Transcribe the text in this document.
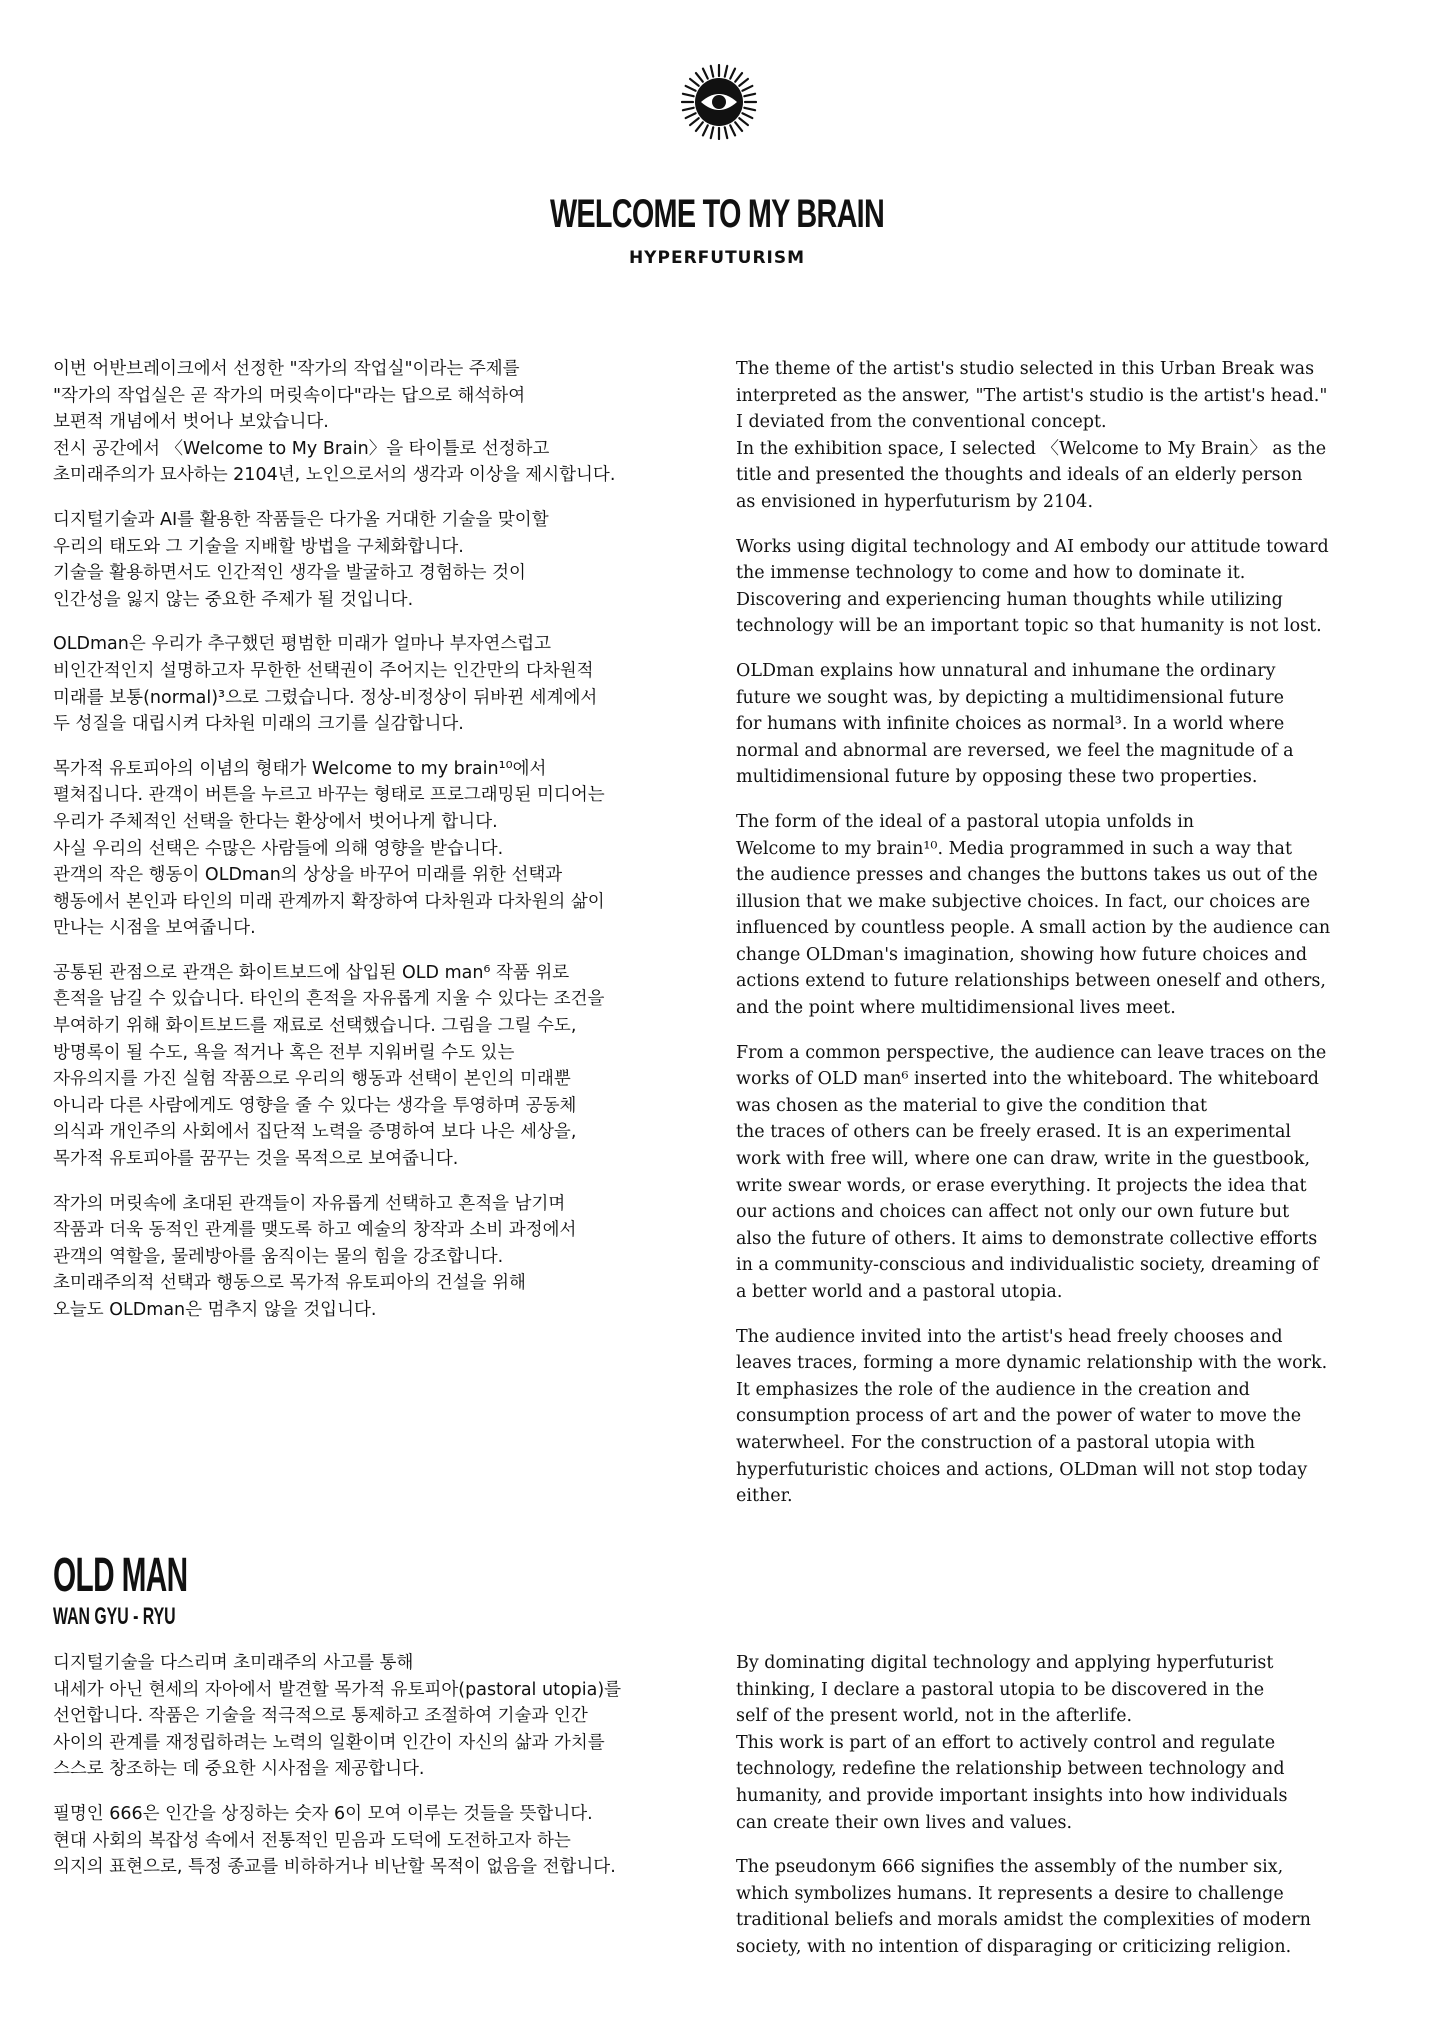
WELCOME TO MY BRAIN
HYPERFUTURISM

이번 어반브레이크에서 선정한 "작가의 작업실"이라는 주제를
"작가의 작업실은 곧 작가의 머릿속이다"라는 답으로 해석하여
보편적 개념에서 벗어나 보았습니다.
전시 공간에서 〈Welcome to My Brain〉을 타이틀로 선정하고
초미래주의가 묘사하는 2104년, 노인으로서의 생각과 이상을 제시합니다.

디지털기술과 AI를 활용한 작품들은 다가올 거대한 기술을 맞이할
우리의 태도와 그 기술을 지배할 방법을 구체화합니다.
기술을 활용하면서도 인간적인 생각을 발굴하고 경험하는 것이
인간성을 잃지 않는 중요한 주제가 될 것입니다.

OLDman은 우리가 추구했던 평범한 미래가 얼마나 부자연스럽고
비인간적인지 설명하고자 무한한 선택권이 주어지는 인간만의 다차원적
미래를 보통(normal)³으로 그렸습니다. 정상-비정상이 뒤바뀐 세계에서
두 성질을 대립시켜 다차원 미래의 크기를 실감합니다.

목가적 유토피아의 이념의 형태가 Welcome to my brain¹⁰에서
펼쳐집니다. 관객이 버튼을 누르고 바꾸는 형태로 프로그래밍된 미디어는
우리가 주체적인 선택을 한다는 환상에서 벗어나게 합니다.
사실 우리의 선택은 수많은 사람들에 의해 영향을 받습니다.
관객의 작은 행동이 OLDman의 상상을 바꾸어 미래를 위한 선택과
행동에서 본인과 타인의 미래 관계까지 확장하여 다차원과 다차원의 삶이
만나는 시점을 보여줍니다.

공통된 관점으로 관객은 화이트보드에 삽입된 OLD man⁶ 작품 위로
흔적을 남길 수 있습니다. 타인의 흔적을 자유롭게 지울 수 있다는 조건을
부여하기 위해 화이트보드를 재료로 선택했습니다. 그림을 그릴 수도,
방명록이 될 수도, 욕을 적거나 혹은 전부 지워버릴 수도 있는
자유의지를 가진 실험 작품으로 우리의 행동과 선택이 본인의 미래뿐
아니라 다른 사람에게도 영향을 줄 수 있다는 생각을 투영하며 공동체
의식과 개인주의 사회에서 집단적 노력을 증명하여 보다 나은 세상을,
목가적 유토피아를 꿈꾸는 것을 목적으로 보여줍니다.

작가의 머릿속에 초대된 관객들이 자유롭게 선택하고 흔적을 남기며
작품과 더욱 동적인 관계를 맺도록 하고 예술의 창작과 소비 과정에서
관객의 역할을, 물레방아를 움직이는 물의 힘을 강조합니다.
초미래주의적 선택과 행동으로 목가적 유토피아의 건설을 위해
오늘도 OLDman은 멈추지 않을 것입니다.

The theme of the artist's studio selected in this Urban Break was
interpreted as the answer, "The artist's studio is the artist's head."
I deviated from the conventional concept.
In the exhibition space, I selected 〈Welcome to My Brain〉 as the
title and presented the thoughts and ideals of an elderly person
as envisioned in hyperfuturism by 2104.

Works using digital technology and AI embody our attitude toward
the immense technology to come and how to dominate it.
Discovering and experiencing human thoughts while utilizing
technology will be an important topic so that humanity is not lost.

OLDman explains how unnatural and inhumane the ordinary
future we sought was, by depicting a multidimensional future
for humans with infinite choices as normal³. In a world where
normal and abnormal are reversed, we feel the magnitude of a
multidimensional future by opposing these two properties.

The form of the ideal of a pastoral utopia unfolds in
Welcome to my brain¹⁰. Media programmed in such a way that
the audience presses and changes the buttons takes us out of the
illusion that we make subjective choices. In fact, our choices are
influenced by countless people. A small action by the audience can
change OLDman's imagination, showing how future choices and
actions extend to future relationships between oneself and others,
and the point where multidimensional lives meet.

From a common perspective, the audience can leave traces on the
works of OLD man⁶ inserted into the whiteboard. The whiteboard
was chosen as the material to give the condition that
the traces of others can be freely erased. It is an experimental
work with free will, where one can draw, write in the guestbook,
write swear words, or erase everything. It projects the idea that
our actions and choices can affect not only our own future but
also the future of others. It aims to demonstrate collective efforts
in a community-conscious and individualistic society, dreaming of
a better world and a pastoral utopia.

The audience invited into the artist's head freely chooses and
leaves traces, forming a more dynamic relationship with the work.
It emphasizes the role of the audience in the creation and
consumption process of art and the power of water to move the
waterwheel. For the construction of a pastoral utopia with
hyperfuturistic choices and actions, OLDman will not stop today
either.

OLD MAN
WAN GYU - RYU

디지털기술을 다스리며 초미래주의 사고를 통해
내세가 아닌 현세의 자아에서 발견할 목가적 유토피아(pastoral utopia)를
선언합니다. 작품은 기술을 적극적으로 통제하고 조절하여 기술과 인간
사이의 관계를 재정립하려는 노력의 일환이며 인간이 자신의 삶과 가치를
스스로 창조하는 데 중요한 시사점을 제공합니다.

필명인 666은 인간을 상징하는 숫자 6이 모여 이루는 것들을 뜻합니다.
현대 사회의 복잡성 속에서 전통적인 믿음과 도덕에 도전하고자 하는
의지의 표현으로, 특정 종교를 비하하거나 비난할 목적이 없음을 전합니다.

By dominating digital technology and applying hyperfuturist
thinking, I declare a pastoral utopia to be discovered in the
self of the present world, not in the afterlife.
This work is part of an effort to actively control and regulate
technology, redefine the relationship between technology and
humanity, and provide important insights into how individuals
can create their own lives and values.

The pseudonym 666 signifies the assembly of the number six,
which symbolizes humans. It represents a desire to challenge
traditional beliefs and morals amidst the complexities of modern
society, with no intention of disparaging or criticizing religion.
